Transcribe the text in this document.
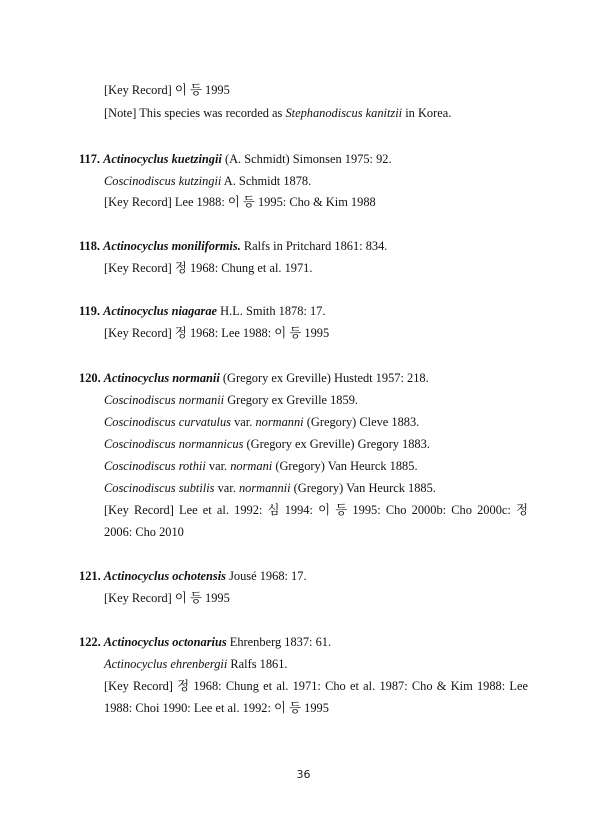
[Key Record] 이 등 1995
[Note] This species was recorded as Stephanodiscus kanitzii in Korea.
117. Actinocyclus kuetzingii (A. Schmidt) Simonsen 1975: 92.
Coscinodiscus kutzingii A. Schmidt 1878.
[Key Record] Lee 1988: 이 등 1995: Cho & Kim 1988
118. Actinocyclus moniliformis. Ralfs in Pritchard 1861: 834.
[Key Record] 정 1968: Chung et al. 1971.
119. Actinocyclus niagarae H.L. Smith 1878: 17.
[Key Record] 정 1968: Lee 1988: 이 등 1995
120. Actinocyclus normanii (Gregory ex Greville) Hustedt 1957: 218.
Coscinodiscus normanii Gregory ex Greville 1859.
Coscinodiscus curvatulus var. normanni (Gregory) Cleve 1883.
Coscinodiscus normannicus (Gregory ex Greville) Gregory 1883.
Coscinodiscus rothii var. normani (Gregory) Van Heurck 1885.
Coscinodiscus subtilis var. normannii (Gregory) Van Heurck 1885.
[Key Record] Lee et al. 1992: 심 1994: 이 등 1995: Cho 2000b: Cho 2000c: 정
2006: Cho 2010
121. Actinocyclus ochotensis Jousé 1968: 17.
[Key Record] 이 등 1995
122. Actinocyclus octonarius Ehrenberg 1837: 61.
Actinocyclus ehrenbergii Ralfs 1861.
[Key Record] 정 1968: Chung et al. 1971: Cho et al. 1987: Cho & Kim 1988: Lee
1988: Choi 1990: Lee et al. 1992: 이 등 1995
36
